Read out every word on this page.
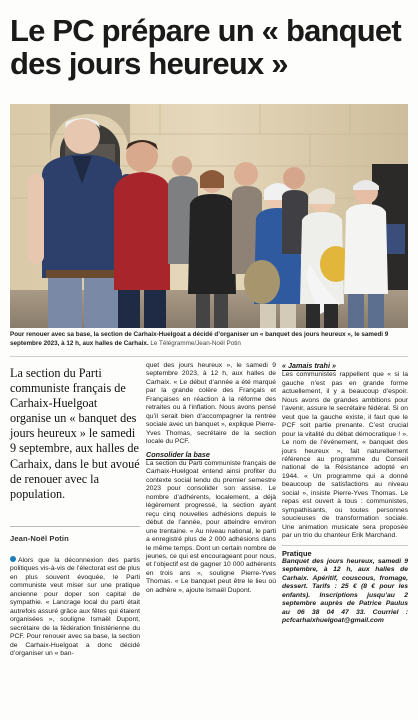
Le PC prépare un « banquet des jours heureux »

Pour renouer avec sa base, la section de Carhaix-Huelgoat a décidé d’organiser un « banquet des jours heureux », le samedi 9 septembre 2023, à 12 h, aux halles de Carhaix. Le Télégramme/Jean-Noël Potin

La section du Parti communiste français de Carhaix-Huelgoat organise un « banquet des jours heureux » le samedi 9 septembre, aux halles de Carhaix, dans le but avoué de renouer avec la population.

Jean-Noël Potin

Alors que la déconnexion des partis politiques vis-à-vis de l’électorat est de plus en plus souvent évoquée, le Parti communiste veut miser sur une pratique ancienne pour doper son capital de sympathie. « Lancrage local du parti était autrefois assuré grâce aux fêtes qui étaient organisées », souligne Ismaël Dupont, secrétaire de la fédération finistérienne du PCF. Pour renouer avec sa base, la section de Carhaix-Huelgoat a donc décidé d’organiser un « ban-

quet des jours heureux », le samedi 9 septembre 2023, à 12 h, aux halles de Carhaix. « Le début d’année a été marqué par la grande colère des Français et Françaises en réaction à la réforme des retraites ou à l’inflation. Nous avons pensé qu’il serait bien d’accompagner la rentrée sociale avec un banquet », explique Pierre-Yves Thomas, secrétaire de la section locale du PCF.

Consolider la base

La section du Parti communiste français de Carhaix-Huelgoat entend ainsi profiter du contexte social tendu du premier semestre 2023 pour consolider son assise. Le nombre d’adhérents, localement, a déjà légèrement progressé, la section ayant reçu cinq nouvelles adhésions depuis le début de l’année, pour atteindre environ une trentaine. « Au niveau national, le parti a enregistré plus de 2 000 adhésions dans le même temps. Dont un certain nombre de jeunes, ce qui est encourageant pour nous, et l’objectif est de gagner 10 000 adhérents en trois ans », souligne Pierre-Yves Thomas. « Le banquet peut être le lieu où on adhère », ajoute Ismaël Dupont.

« Jamais trahi »

Les communistes rappellent que « si la gauche n’est pas en grande forme actuellement, il y a beaucoup d’espoir. Nous avons de grandes ambitions pour l’avenir, assure le secrétaire fédéral. Si on veut que la gauche existe, il faut que le PCF soit partie prenante. C’est crucial pour la vitalité du débat démocratique ! ». Le nom de l’événement, « banquet des jours heureux », fait naturellement référence au programme du Conseil national de la Résistance adopté en 1944. « Un programme qui a donné beaucoup de satisfactions au niveau social », insiste Pierre-Yves Thomas. Le repas est ouvert à tous : communistes, sympathisants, ou toutes personnes soucieuses de transformation sociale. Une animation musicale sera proposée par un trio du chanteur Erik Marchand.

Pratique

Banquet des jours heureux, samedi 9 septembre, à 12 h, aux halles de Carhaix. Apéritif, couscous, fromage, dessert. Tarifs : 25 € (8 € pour les enfants). Inscriptions jusqu’au 2 septembre auprès de Patrice Paulus au 06 38 04 47 33. Courriel : pcfcarhaixhuelgoat@gmail.com
